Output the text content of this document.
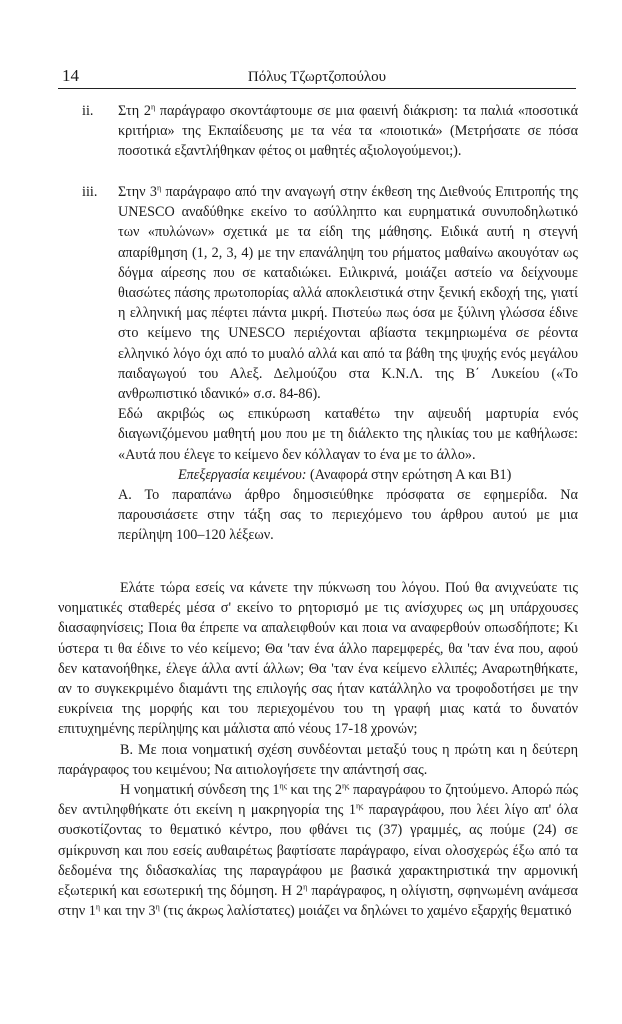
14	Πόλυς Τζωρτζοπούλου
ii. Στη $2^\eta$ παράγραφο σκοντάφτουμε σε μια φαεινή διάκριση: τα παλιά «ποσοτικά κριτήρια» της Εκπαίδευσης με τα νέα τα «ποιοτικά» (Μετρήσατε σε πόσα ποσοτικά εξαντλήθηκαν φέτος οι μαθητές αξιολογούμενοι;).

iii. Στην $3^\eta$ παράγραφο από την αναγωγή στην έκθεση της Διεθνούς Επιτροπής της UNESCO αναδύθηκε εκείνο το ασύλληπτο και ευρηματικά συνυποδηλωτικό των «πυλώνων» σχετικά με τα είδη της μάθησης. Ειδικά αυτή η στεγνή απαρίθμηση (1, 2, 3, 4) με την επανάληψη του ρήματος μαθαίνω ακουγόταν ως δόγμα αίρεσης που σε καταδιώκει. Ειλικρινά, μοιάζει αστείο να δείχνουμε θιασώτες πάσης πρωτοπορίας αλλά αποκλειστικά στην ξενική εκδοχή της, γιατί η ελληνική μας πέφτει πάντα μικρή. Πιστεύω πως όσα με ξύλινη γλώσσα έδινε στο κείμενο της UNESCO περιέχονται αβίαστα τεκμηριωμένα σε ρέοντα ελληνικό λόγο όχι από το μυαλό αλλά και από τα βάθη της ψυχής ενός μεγάλου παιδαγωγού του Αλεξ. Δελμούζου στα Κ.Ν.Λ. της Β΄ Λυκείου («Το ανθρωπιστικό ιδανικό» σ.σ. 84-86).

Εδώ ακριβώς ως επικύρωση καταθέτω την αψευδή μαρτυρία ενός διαγωνιζόμενου μαθητή μου που με τη διάλεκτο της ηλικίας του με καθήλωσε: «Αυτά που έλεγε το κείμενο δεν κόλλαγαν το ένα με το άλλο».

Επεξεργασία κειμένου: (Αναφορά στην ερώτηση Α και Β1)

Α. Το παραπάνω άρθρο δημοσιεύθηκε πρόσφατα σε εφημερίδα. Να παρουσιάσετε στην τάξη σας το περιεχόμενο του άρθρου αυτού με μια περίληψη 100–120 λέξεων.

Ελάτε τώρα εσείς να κάνετε την πύκνωση του λόγου. Πού θα ανιχνεύατε τις νοηματικές σταθερές μέσα σ' εκείνο το ρητορισμό με τις ανίσχυρες ως μη υπάρχουσες διασαφηνίσεις; Ποια θα έπρεπε να απαλειφθούν και ποια να αναφερθούν οπωσδήποτε; Κι ύστερα τι θα έδινε το νέο κείμενο; Θα 'ταν ένα άλλο παρεμφερές, θα 'ταν ένα που, αφού δεν κατανοήθηκε, έλεγε άλλα αντί άλλων; Θα 'ταν ένα κείμενο ελλιπές; Αναρωτηθήκατε, αν το συγκεκριμένο διαμάντι της επιλογής σας ήταν κατάλληλο να τροφοδοτήσει με την ευκρίνεια της μορφής και του περιεχομένου του τη γραφή μιας κατά το δυνατόν επιτυχημένης περίληψης και μάλιστα από νέους 17-18 χρονών;

Β. Με ποια νοηματική σχέση συνδέονται μεταξύ τους η πρώτη και η δεύτερη παράγραφος του κειμένου; Να αιτιολογήσετε την απάντησή σας.

Η νοηματική σύνδεση της $1^{\eta\varsigma}$ και της $2^{\eta\varsigma}$ παραγράφου το ζητούμενο. Απορώ πώς δεν αντιληφθήκατε ότι εκείνη η μακρηγορία της $1^{\eta\varsigma}$ παραγράφου, που λέει λίγο απ' όλα συσκοτίζοντας το θεματικό κέντρο, που φθάνει τις (37) γραμμές, ας πούμε (24) σε σμίκρυνση και που εσείς αυθαιρέτως βαφτίσατε παράγραφο, είναι ολοσχερώς έξω από τα δεδομένα της διδασκαλίας της παραγράφου με βασικά χαρακτηριστικά την αρμονική εξωτερική και εσωτερική της δόμηση. Η $2^\eta$ παράγραφος, η ολίγιστη, σφηνωμένη ανάμεσα στην $1^\eta$ και την $3^\eta$ (τις άκρως λαλίστατες) μοιάζει να δηλώνει το χαμένο εξαρχής θεματικό
